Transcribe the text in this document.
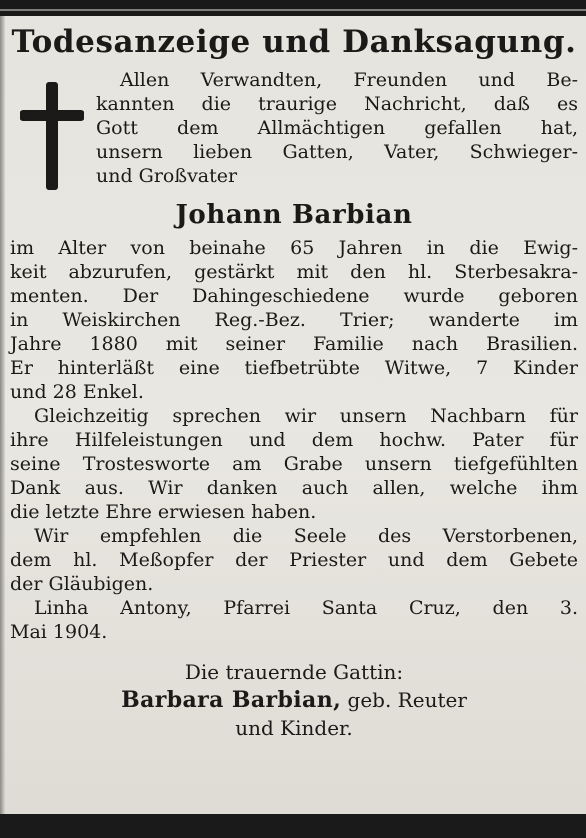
Todesanzeige und Danksagung.
Allen Verwandten, Freunden und Be-
kannten die traurige Nachricht, daß es
Gott dem Allmächtigen gefallen hat,
unsern lieben Gatten, Vater, Schwieger-
und Großvater
Johann Barbian
im Alter von beinahe 65 Jahren in die Ewig-
keit abzurufen, gestärkt mit den hl. Sterbesakra-
menten. Der Dahingeschiedene wurde geboren
in Weiskirchen Reg.-Bez. Trier; wanderte im
Jahre 1880 mit seiner Familie nach Brasilien.
Er hinterläßt eine tiefbetrübte Witwe, 7 Kinder
und 28 Enkel.
Gleichzeitig sprechen wir unsern Nachbarn für
ihre Hilfeleistungen und dem hochw. Pater für
seine Trostesworte am Grabe unsern tiefgefühlten
Dank aus. Wir danken auch allen, welche ihm
die letzte Ehre erwiesen haben.
Wir empfehlen die Seele des Verstorbenen,
dem hl. Meßopfer der Priester und dem Gebete
der Gläubigen.
Linha Antony, Pfarrei Santa Cruz, den 3.
Mai 1904.
Die trauernde Gattin:
Barbara Barbian, geb. Reuter
und Kinder.
